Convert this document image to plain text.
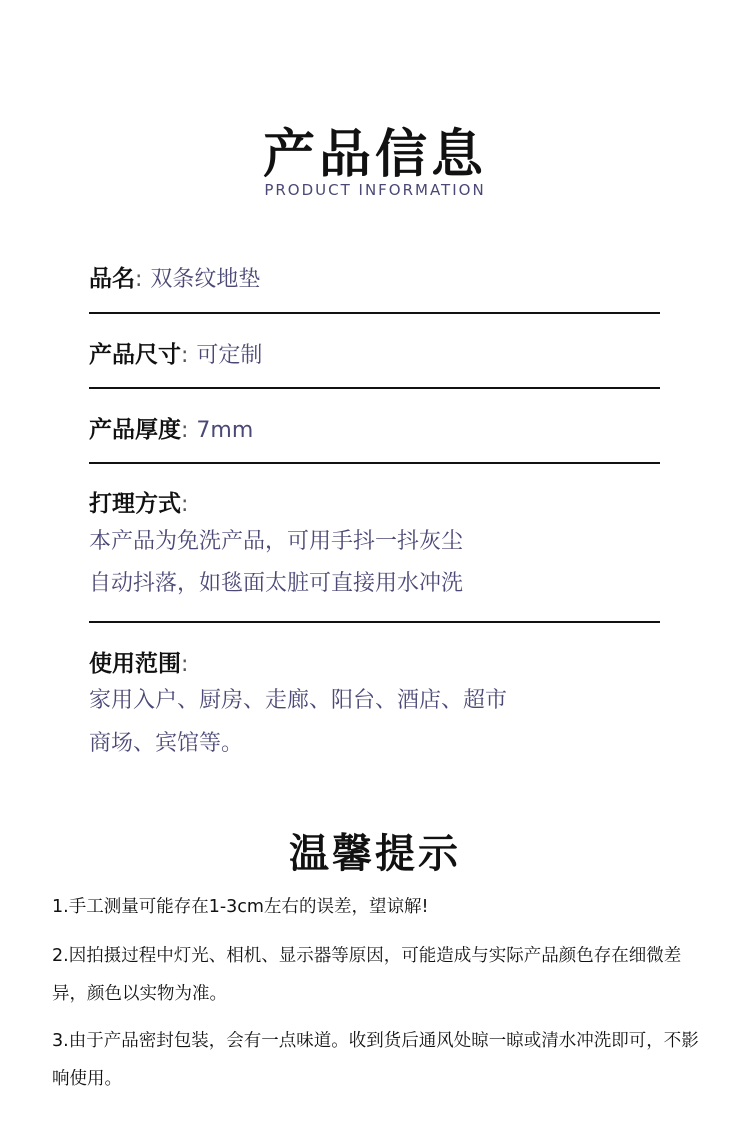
产品信息
PRODUCT INFORMATION
品名: 双条纹地垫
产品尺寸: 可定制
产品厚度: 7mm
打理方式:
本产品为免洗产品，可用手抖一抖灰尘
自动抖落，如毯面太脏可直接用水冲洗
使用范围:
家用入户、厨房、走廊、阳台、酒店、超市
商场、宾馆等。
温馨提示
1.手工测量可能存在1-3cm左右的误差，望谅解!
2.因拍摄过程中灯光、相机、显示器等原因，可能造成与实际产品颜色存在细微差异，颜色以实物为准。
3.由于产品密封包装，会有一点味道。收到货后通风处晾一晾或清水冲洗即可，不影响使用。
